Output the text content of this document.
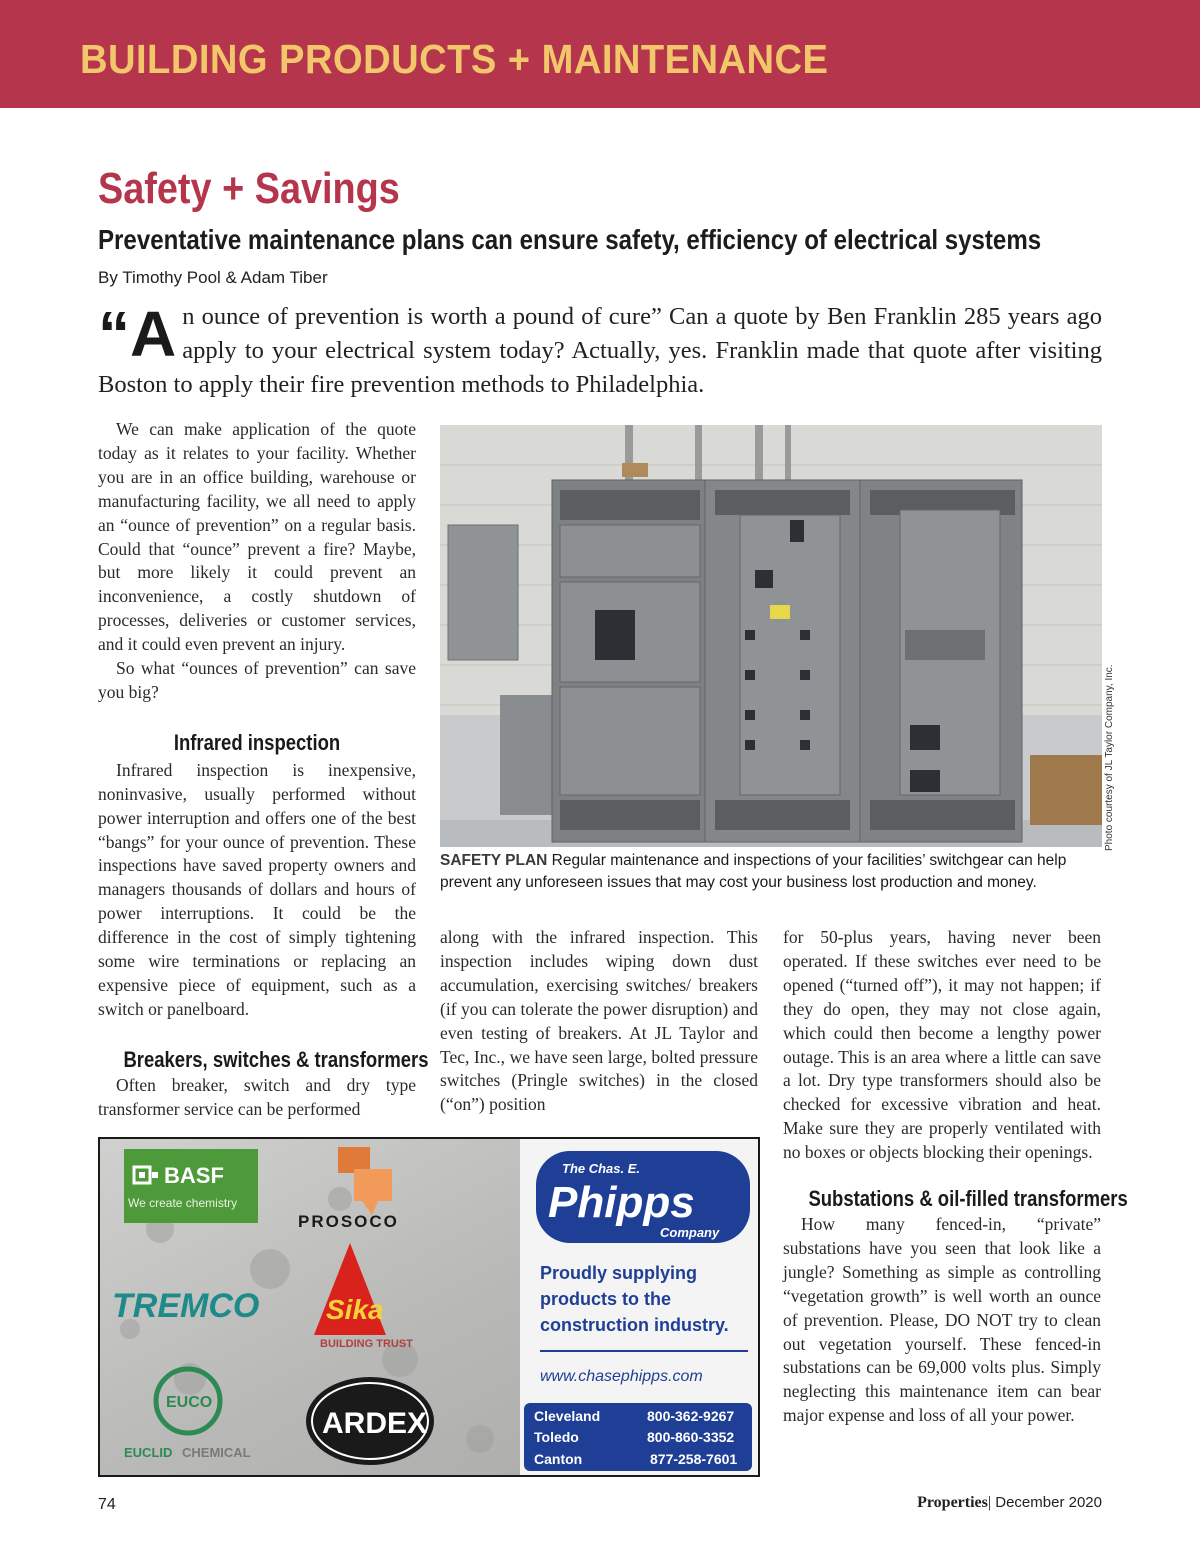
BUILDING PRODUCTS + MAINTENANCE
Safety + Savings
Preventative maintenance plans can ensure safety, efficiency of electrical systems
By Timothy Pool & Adam Tiber
“A n ounce of prevention is worth a pound of cure” Can a quote by Ben Franklin 285 years ago apply to your electrical system today? Actually, yes. Franklin made that quote after visiting Boston to apply their fire prevention methods to Philadelphia.

We can make application of the quote today as it relates to your facility. Whether you are in an office building, warehouse or manufacturing facility, we all need to apply an “ounce of prevention” on a regular basis. Could that “ounce” prevent a fire? Maybe, but more likely it could prevent an inconvenience, a costly shutdown of processes, deliveries or customer services, and it could even prevent an injury.

So what “ounces of prevention” can save you big?

Infrared inspection

Infrared inspection is inexpensive, noninvasive, usually performed without power interruption and offers one of the best “bangs” for your ounce of prevention. These inspections have saved property owners and managers thousands of dollars and hours of power interruptions. It could be the difference in the cost of simply tightening some wire terminations or replacing an expensive piece of equipment, such as a switch or panelboard.

Breakers, switches & transformers

Often breaker, switch and dry type transformer service can be performed

Photo courtesy of JL Taylor Company, Inc.
SAFETY PLAN Regular maintenance and inspections of your facilities’ switchgear can help prevent any unforeseen issues that may cost your business lost production and money.

along with the infrared inspection. This inspection includes wiping down dust accumulation, exercising switches/ breakers (if you can tolerate the power disruption) and even testing of breakers. At JL Taylor and Tec, Inc., we have seen large, bolted pressure switches (Pringle switches) in the closed (“on”) position

for 50-plus years, having never been operated. If these switches ever need to be opened (“turned off”), it may not happen; if they do open, they may not close again, which could then become a lengthy power outage. This is an area where a little can save a lot. Dry type transformers should also be checked for excessive vibration and heat. Make sure they are properly ventilated with no boxes or objects blocking their openings.

Substations & oil-filled transformers

How many fenced-in, “private” substations have you seen that look like a jungle? Something as simple as controlling “vegetation growth” is well worth an ounce of prevention. Please, DO NOT try to clean out vegetation yourself. These fenced-in substations can be 69,000 volts plus. Simply neglecting this maintenance item can bear major expense and loss of all your power.

BASF
We create chemistry
PROSOCO
TREMCO Sika
BUILDING TRUST
EUCO
EUCLID CHEMICAL
ARDEX
The Chas. E.
Phipps
Company
Proudly supplying
products to the
construction industry.
www.chasephipps.com
Cleveland	800-362-9267
Toledo	800-860-3352
Canton	877-258-7601
74	Properties| December 2020
